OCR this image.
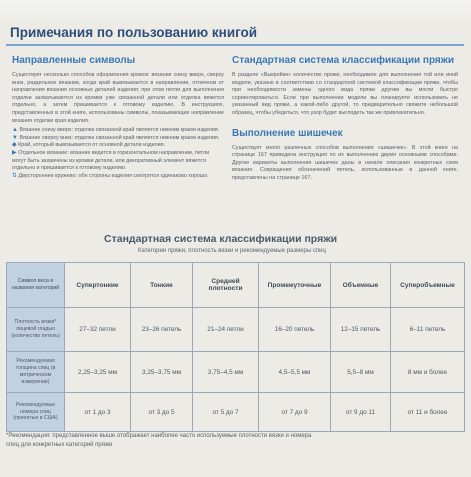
Примечания по пользованию книгой
Направленные символы

Существует несколько способов оформления кромок: вязание снизу вверх, сверху вниз, раздельное вязание, когда край вывязывается в направлении, отличном от направления вязания основных деталей изделия; при этом петли для выполнения отделки захватываются из кромки уже связанной детали или отделка вяжется отдельно, а затем пришивается к готовому изделию. В инструкциях, представленных в этой книге, использованы символы, показывающие направление вязания отделки края изделия.

▲ Вязание снизу вверх: отделка связанной край является нижним краем изделия.
▼ Вязание сверху вниз: отделка связанной край является нижним краем изделия.
◆ Край, который вывязывается от основной детали изделия.
▶ Отдельное вязание: вязание ведется в горизонтальном направлении, петли могут быть захвачены из кромки детали, или декоративный элемент вяжется отдельно и пришивается к готовому изделию.
⇅ Двустороннее кружево: обе стороны изделия смотрятся одинаково хорошо.
Стандартная система классификации пряжи

В разделе «Выкройки» количество пряжи, необходимое для выполнения той или иной модели, указано в соответствии со стандартной системой классификации пряжи, чтобы при необходимости замены одного вида пряжи другим вы могли быстро сориентироваться. Если при выполнении модели вы планируете использовать не указанный вид пряжи, а какой-либо другой, то предварительно свяжите небольшой образец, чтобы убедиться, что узор будет выглядеть так же привлекательно.

Выполнение шишечек

Существует много различных способов выполнения «шишечек». В этой книге на странице 167 приведена инструкция по их выполнению двумя основными способами. Другие варианты выполнения шишечек даны в начале описания конкретных схем вязания. Сокращения обозначений петель, использованные в данной книге, представлены на странице 167.

Стандартная система классификации пряжи
Категории пряжи, плотность вязки и рекомендуемые размеры спиц
Символ веса и названия категорий	Супертонкие	Тонкие	Средней плотности	Промежуточные	Объемные	Суперобъемные
Плотность вязки* лицевой гладью (количество петель)	27–32 петли	23–26 петель	21–24 петли	16–20 петель	12–15 петель	6–11 петель
Рекомендуемая толщина спиц (в метрическом измерении)	2,25–3,25 мм	3,25–3,75 мм	3,75–4,5 мм	4,5–5,5 мм	5,5–8 мм	8 мм и более
Рекомендуемые номера спиц (принятые в США)	от 1 до 3	от 3 до 5	от 5 до 7	от 7 до 9	от 9 до 11	от 11 и более
*Рекомендация: представленное выше отображает наиболее часто используемые плотности вязки и номера спиц для конкретных категорий пряжи
